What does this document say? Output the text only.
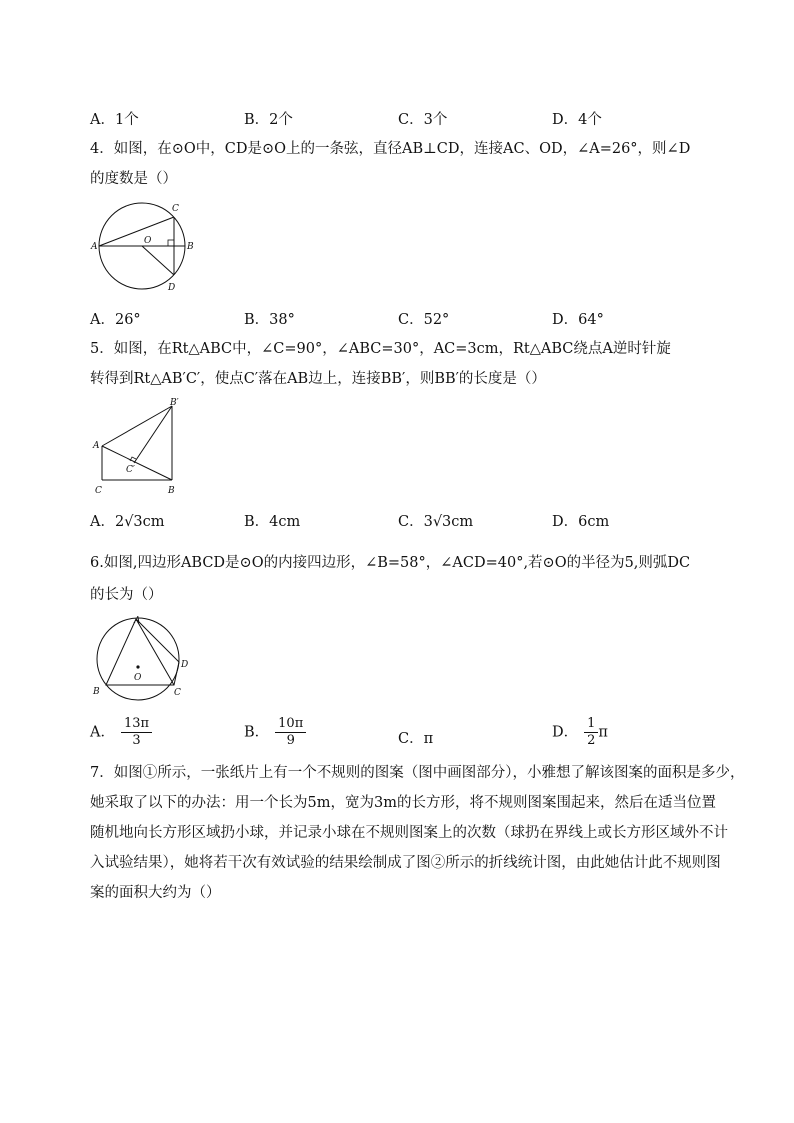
A．1个	B．2个	C．3个	D．4个
4．如图，在⊙O中，CD是⊙O上的一条弦，直径AB⊥CD，连接AC、OD，∠A=26°，则∠D
的度数是（）
A	B
C
D
O
A．26°	B．38°	C．52°	D．64°
5．如图，在Rt△ABC中，∠C=90°，∠ABC=30°，AC=3cm，Rt△ABC绕点A逆时针旋
转得到Rt△AB′C′，使点C′落在AB边上，连接BB′，则BB′的长度是（）
A
B
C
B′
C′
A．2√3cm	B．4cm	C．3√3cm	D．6cm
6.如图,四边形ABCD是⊙O的内接四边形，∠B=58°，∠ACD=40°,若⊙O的半径为5,则弧DC
的长为（）
A
B	C
D
O
A． $\frac{13\pi}{3}$	B． $\frac{10\pi}{9}$	C．π	D． $\frac{1}{2}$ π
7．如图①所示，一张纸片上有一个不规则的图案（图中画图部分），小雅想了解该图案的面积是多少，
她采取了以下的办法：用一个长为5m，宽为3m的长方形，将不规则图案围起来，然后在适当位置
随机地向长方形区域扔小球，并记录小球在不规则图案上的次数（球扔在界线上或长方形区域外不计
入试验结果），她将若干次有效试验的结果绘制成了图②所示的折线统计图，由此她估计此不规则图
案的面积大约为（）
